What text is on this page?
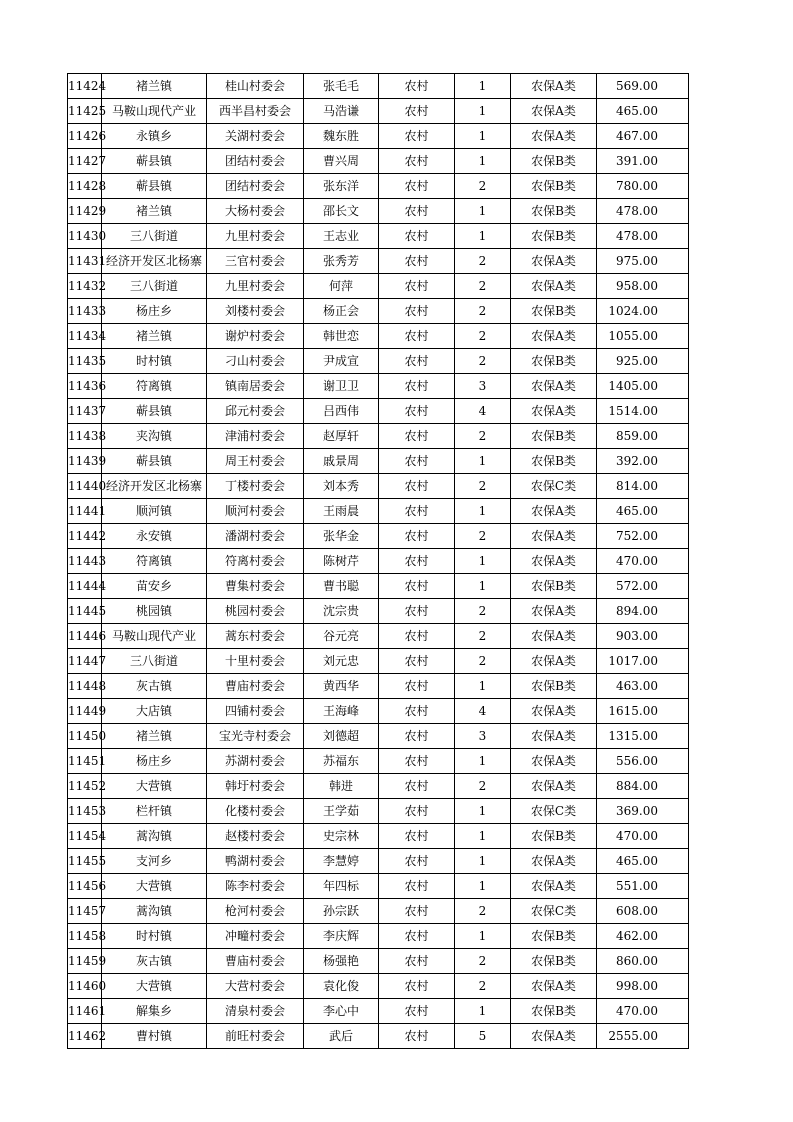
11424	褚兰镇	桂山村委会	张毛毛	农村	1	农保A类	569.00
11425	马鞍山现代产业	西半昌村委会	马浩谦	农村	1	农保A类	465.00
11426	永镇乡	关湖村委会	魏东胜	农村	1	农保A类	467.00
11427	蕲县镇	团结村委会	曹兴周	农村	1	农保B类	391.00
11428	蕲县镇	团结村委会	张东洋	农村	2	农保B类	780.00
11429	褚兰镇	大杨村委会	邵长文	农村	1	农保B类	478.00
11430	三八街道	九里村委会	王志业	农村	1	农保B类	478.00
11431	经济开发区北杨寨	三官村委会	张秀芳	农村	2	农保A类	975.00
11432	三八街道	九里村委会	何萍	农村	2	农保A类	958.00
11433	杨庄乡	刘楼村委会	杨正会	农村	2	农保B类	1024.00
11434	褚兰镇	谢炉村委会	韩世恋	农村	2	农保A类	1055.00
11435	时村镇	刁山村委会	尹成宣	农村	2	农保B类	925.00
11436	符离镇	镇南居委会	谢卫卫	农村	3	农保A类	1405.00
11437	蕲县镇	邱元村委会	吕西伟	农村	4	农保A类	1514.00
11438	夹沟镇	津浦村委会	赵厚轩	农村	2	农保B类	859.00
11439	蕲县镇	周王村委会	戚景周	农村	1	农保B类	392.00
11440	经济开发区北杨寨	丁楼村委会	刘本秀	农村	2	农保C类	814.00
11441	顺河镇	顺河村委会	王雨晨	农村	1	农保A类	465.00
11442	永安镇	潘湖村委会	张华金	农村	2	农保A类	752.00
11443	符离镇	符离村委会	陈树芹	农村	1	农保A类	470.00
11444	苗安乡	曹集村委会	曹书聪	农村	1	农保B类	572.00
11445	桃园镇	桃园村委会	沈宗贵	农村	2	农保A类	894.00
11446	马鞍山现代产业	蒿东村委会	谷元亮	农村	2	农保A类	903.00
11447	三八街道	十里村委会	刘元忠	农村	2	农保A类	1017.00
11448	灰古镇	曹庙村委会	黄西华	农村	1	农保B类	463.00
11449	大店镇	四铺村委会	王海峰	农村	4	农保A类	1615.00
11450	褚兰镇	宝光寺村委会	刘德超	农村	3	农保A类	1315.00
11451	杨庄乡	苏湖村委会	苏福东	农村	1	农保A类	556.00
11452	大营镇	韩圩村委会	韩进	农村	2	农保A类	884.00
11453	栏杆镇	化楼村委会	王学茹	农村	1	农保C类	369.00
11454	蒿沟镇	赵楼村委会	史宗林	农村	1	农保B类	470.00
11455	支河乡	鸭湖村委会	李慧婷	农村	1	农保A类	465.00
11456	大营镇	陈李村委会	年四标	农村	1	农保A类	551.00
11457	蒿沟镇	枪河村委会	孙宗跃	农村	2	农保C类	608.00
11458	时村镇	冲疃村委会	李庆辉	农村	1	农保B类	462.00
11459	灰古镇	曹庙村委会	杨强艳	农村	2	农保B类	860.00
11460	大营镇	大营村委会	袁化俊	农村	2	农保A类	998.00
11461	解集乡	清泉村委会	李心中	农村	1	农保B类	470.00
11462	曹村镇	前旺村委会	武后	农村	5	农保A类	2555.00
